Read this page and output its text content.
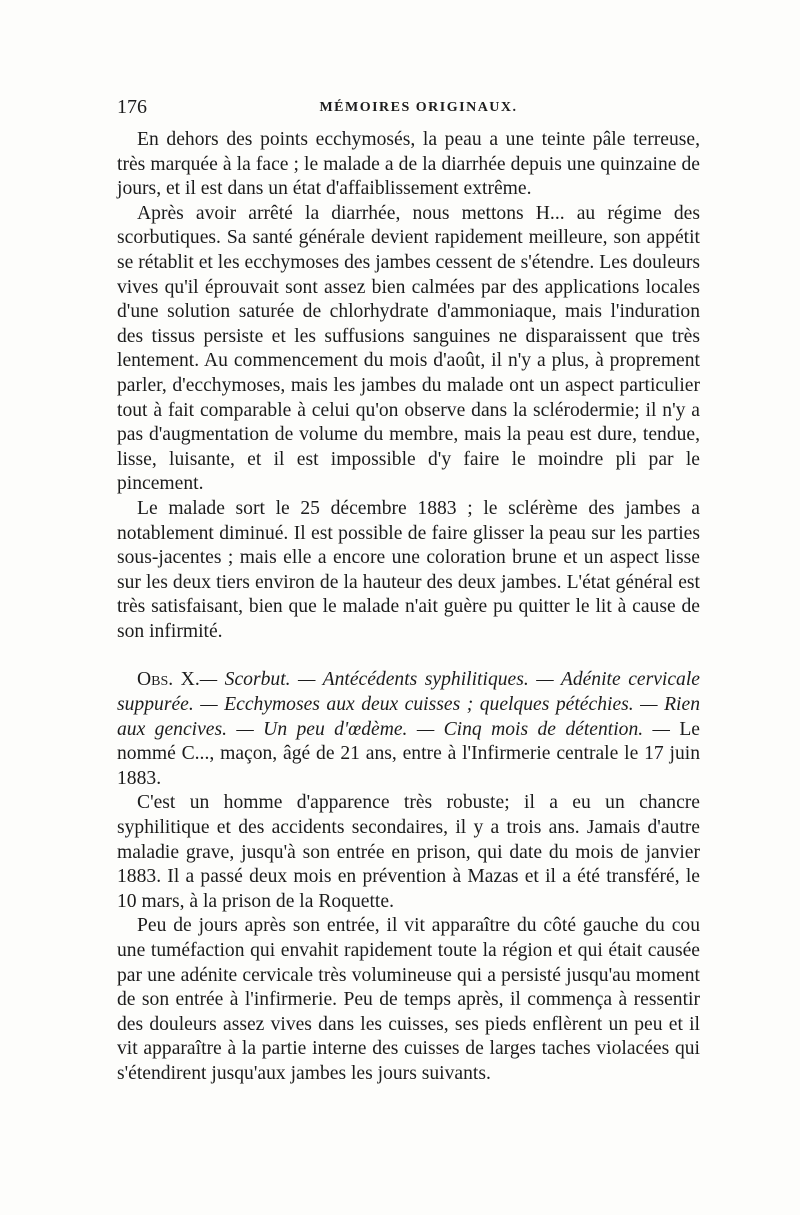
176	MÉMOIRES ORIGINAUX.

En dehors des points ecchymosés, la peau a une teinte pâle terreuse, très marquée à la face ; le malade a de la diarrhée depuis une quinzaine de jours, et il est dans un état d'affaiblissement extrême.

Après avoir arrêté la diarrhée, nous mettons H... au régime des scorbutiques. Sa santé générale devient rapidement meilleure, son appétit se rétablit et les ecchymoses des jambes cessent de s'étendre. Les douleurs vives qu'il éprouvait sont assez bien calmées par des applications locales d'une solution saturée de chlorhydrate d'ammoniaque, mais l'induration des tissus persiste et les suffusions sanguines ne disparaissent que très lentement. Au commencement du mois d'août, il n'y a plus, à proprement parler, d'ecchymoses, mais les jambes du malade ont un aspect particulier tout à fait comparable à celui qu'on observe dans la sclérodermie; il n'y a pas d'augmentation de volume du membre, mais la peau est dure, tendue, lisse, luisante, et il est impossible d'y faire le moindre pli par le pincement.

Le malade sort le 25 décembre 1883 ; le sclérème des jambes a notablement diminué. Il est possible de faire glisser la peau sur les parties sous-jacentes ; mais elle a encore une coloration brune et un aspect lisse sur les deux tiers environ de la hauteur des deux jambes. L'état général est très satisfaisant, bien que le malade n'ait guère pu quitter le lit à cause de son infirmité.

Obs. X.— Scorbut. — Antécédents syphilitiques. — Adénite cervicale suppurée. — Ecchymoses aux deux cuisses ; quelques pétéchies. — Rien aux gencives. — Un peu d'œdème. — Cinq mois de détention. — Le nommé C..., maçon, âgé de 21 ans, entre à l'Infirmerie centrale le 17 juin 1883.

C'est un homme d'apparence très robuste; il a eu un chancre syphilitique et des accidents secondaires, il y a trois ans. Jamais d'autre maladie grave, jusqu'à son entrée en prison, qui date du mois de janvier 1883. Il a passé deux mois en prévention à Mazas et il a été transféré, le 10 mars, à la prison de la Roquette.

Peu de jours après son entrée, il vit apparaître du côté gauche du cou une tuméfaction qui envahit rapidement toute la région et qui était causée par une adénite cervicale très volumineuse qui a persisté jusqu'au moment de son entrée à l'infirmerie. Peu de temps après, il commença à ressentir des douleurs assez vives dans les cuisses, ses pieds enflèrent un peu et il vit apparaître à la partie interne des cuisses de larges taches violacées qui s'étendirent jusqu'aux jambes les jours suivants.
